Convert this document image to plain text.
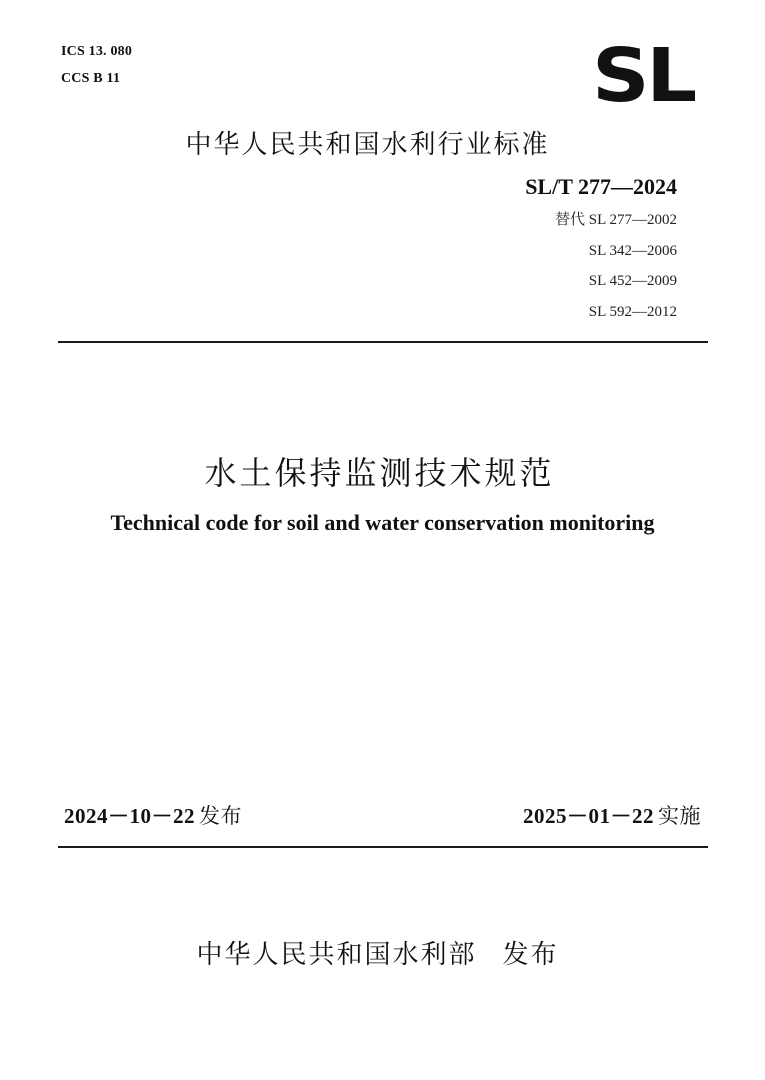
ICS 13. 080
CCS B 11	SL
中华人民共和国水利行业标准
SL/T 277—2024
替代 SL 277—2002
SL 342—2006
SL 452—2009
SL 592—2012
水土保持监测技术规范
Technical code for soil and water conservation monitoring
2024－10－22 发布	2025－01－22 实施
中华人民共和国水利部 发布
